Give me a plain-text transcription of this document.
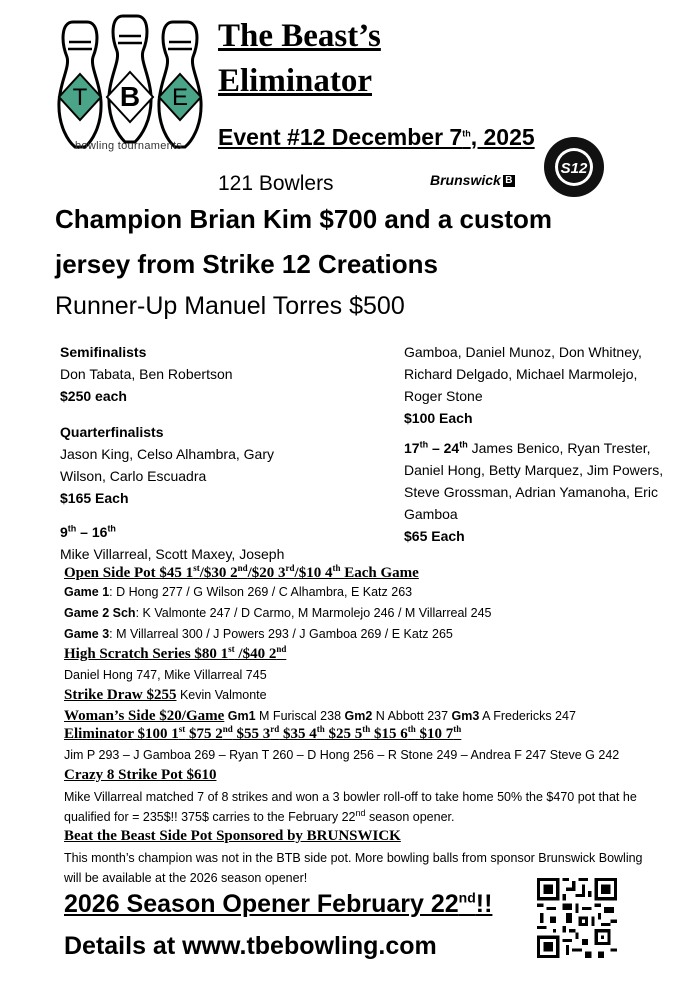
T B E
bowling tournaments
The Beast’s
Eliminator
Event #12 December 7th, 2025
121 Bowlers	Brunswick B
S12
Champion Brian Kim $700 and a custom
jersey from Strike 12 Creations
Runner-Up Manuel Torres $500

Semifinalists

Don Tabata, Ben Robertson

$250 each

Quarterfinalists

Jason King, Celso Alhambra, Gary

Wilson, Carlo Escuadra

$165 Each

9th – 16th

Mike Villarreal, Scott Maxey, Joseph

Gamboa, Daniel Munoz, Don Whitney,

Richard Delgado, Michael Marmolejo,

Roger Stone

$100 Each

17th – 24th James Benico, Ryan Trester,

Daniel Hong, Betty Marquez, Jim Powers,

Steve Grossman, Adrian Yamanoha, Eric

Gamboa

$65 Each

Open Side Pot $45 1st/$30 2nd/$20 3rd/$10 4th Each Game
Game 1: D Hong 277 / G Wilson 269 / C Alhambra, E Katz 263
Game 2 Sch: K Valmonte 247 / D Carmo, M Marmolejo 246 / M Villarreal 245
Game 3: M Villarreal 300 / J Powers 293 / J Gamboa 269 / E Katz 265
High Scratch Series $80 1st /$40 2nd
Daniel Hong 747, Mike Villarreal 745
Strike Draw $255 Kevin Valmonte
Woman’s Side $20/Game Gm1 M Furiscal 238 Gm2 N Abbott 237 Gm3 A Fredericks 247
Eliminator $100 1st $75 2nd $55 3rd $35 4th $25 5th $15 6th $10 7th
Jim P 293 – J Gamboa 269 – Ryan T 260 – D Hong 256 – R Stone 249 – Andrea F 247 Steve G 242
Crazy 8 Strike Pot $610
Mike Villarreal matched 7 of 8 strikes and won a 3 bowler roll-off to take home 50% the $470 pot that he
qualified for = 235$!! 375$ carries to the February 22nd season opener.
Beat the Beast Side Pot Sponsored by BRUNSWICK
This month’s champion was not in the BTB side pot. More bowling balls from sponsor Brunswick Bowling
will be available at the 2026 season opener!
2026 Season Opener February 22nd!!
Details at www.tbebowling.com
